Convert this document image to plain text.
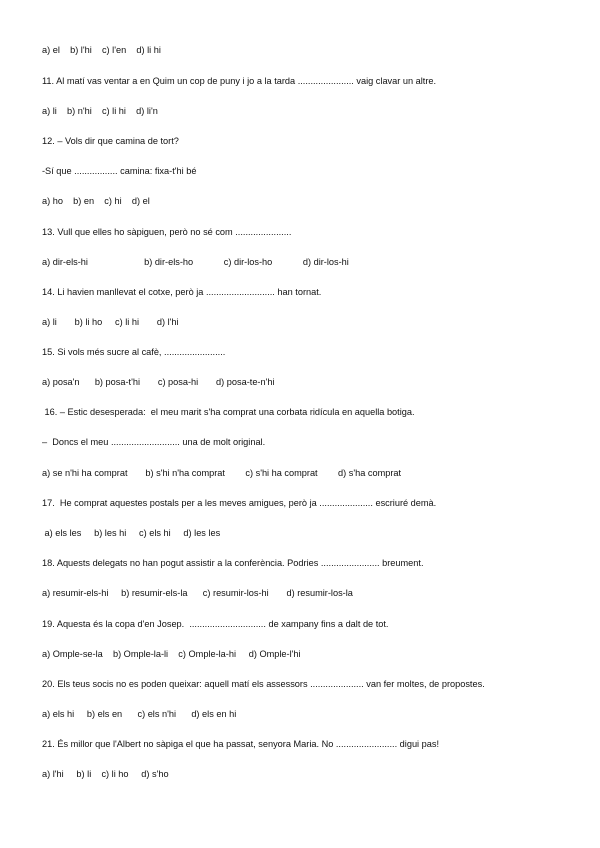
a) el    b) l'hi    c) l'en    d) li hi
11. Al matí vas ventar a en Quim un cop de puny i jo a la tarda ...................... vaig clavar un altre.
a) li    b) n'hi    c) li hi    d) li'n
12. – Vols dir que camina de tort?
-Sí que ................. camina: fixa-t'hi bé
a) ho    b) en    c) hi    d) el
13. Vull que elles ho sàpiguen, però no sé com ......................
a) dir-els-hi                      b) dir-els-ho            c) dir-los-ho            d) dir-los-hi
14. Li havien manllevat el cotxe, però ja ........................... han tornat.
a) li       b) li ho     c) li hi       d) l'hi
15. Si vols més sucre al cafè, ........................
a) posa'n      b) posa-t'hi       c) posa-hi       d) posa-te-n'hi
16. – Estic desesperada:  el meu marit s'ha comprat una corbata ridícula en aquella botiga.
–  Doncs el meu ........................... una de molt original.
a) se n'hi ha comprat       b) s'hi n'ha comprat        c) s'hi ha comprat        d) s'ha comprat
17.  He comprat aquestes postals per a les meves amigues, però ja ..................... escriuré demà.
a) els les     b) les hi     c) els hi     d) les les
18. Aquests delegats no han pogut assistir a la conferència. Podries ....................... breument.
a) resumir-els-hi     b) resumir-els-la      c) resumir-los-hi       d) resumir-los-la
19. Aquesta és la copa d'en Josep.  .............................. de xampany fins a dalt de tot.
a) Omple-se-la    b) Omple-la-li    c) Omple-la-hi     d) Omple-l'hi
20. Els teus socis no es poden queixar: aquell matí els assessors ..................... van fer moltes, de propostes.
a) els hi     b) els en      c) els n'hi      d) els en hi
21. És millor que l'Albert no sàpiga el que ha passat, senyora Maria. No ........................ digui pas!
a) l'hi     b) li    c) li ho     d) s'ho
